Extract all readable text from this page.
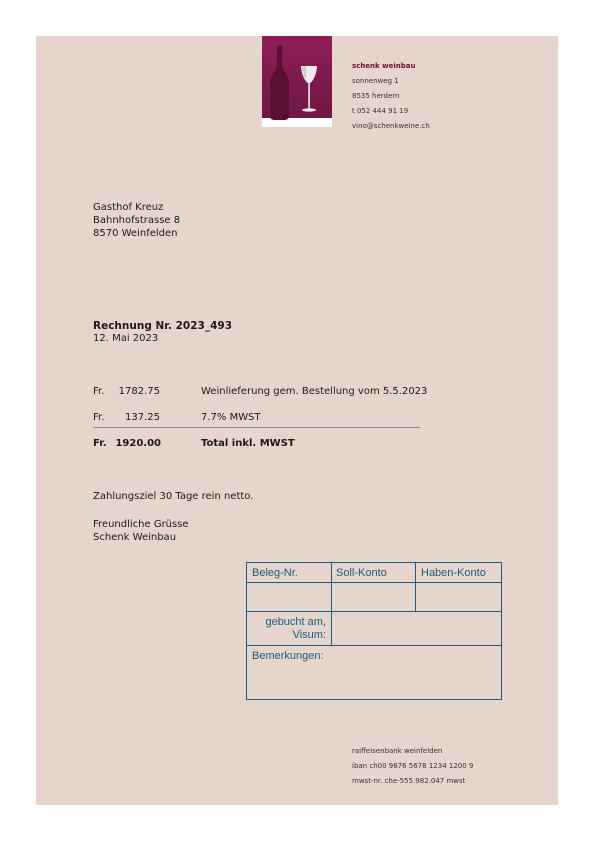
schenk weinbau
sonnenweg 1
8535 herdern
t 052 444 91 19
vino@schenkweine.ch
Gasthof Kreuz
Bahnhofstrasse 8
8570 Weinfelden
Rechnung Nr. 2023_493
12. Mai 2023
Fr.	1782.75	Weinlieferung gem. Bestellung vom 5.5.2023
Fr.	137.25	7.7% MWST
Fr. 1920.00	Total inkl. MWST
Zahlungsziel 30 Tage rein netto.
Freundliche Grüsse
Schenk Weinbau
Beleg-Nr.	Soll-Konto	Haben-Konto
gebucht am,
Visum:
Bemerkungen:
raiffeisenbank weinfelden
iban ch00 9876 5678 1234 1200 9
mwst-nr. che-555.982.047 mwst
